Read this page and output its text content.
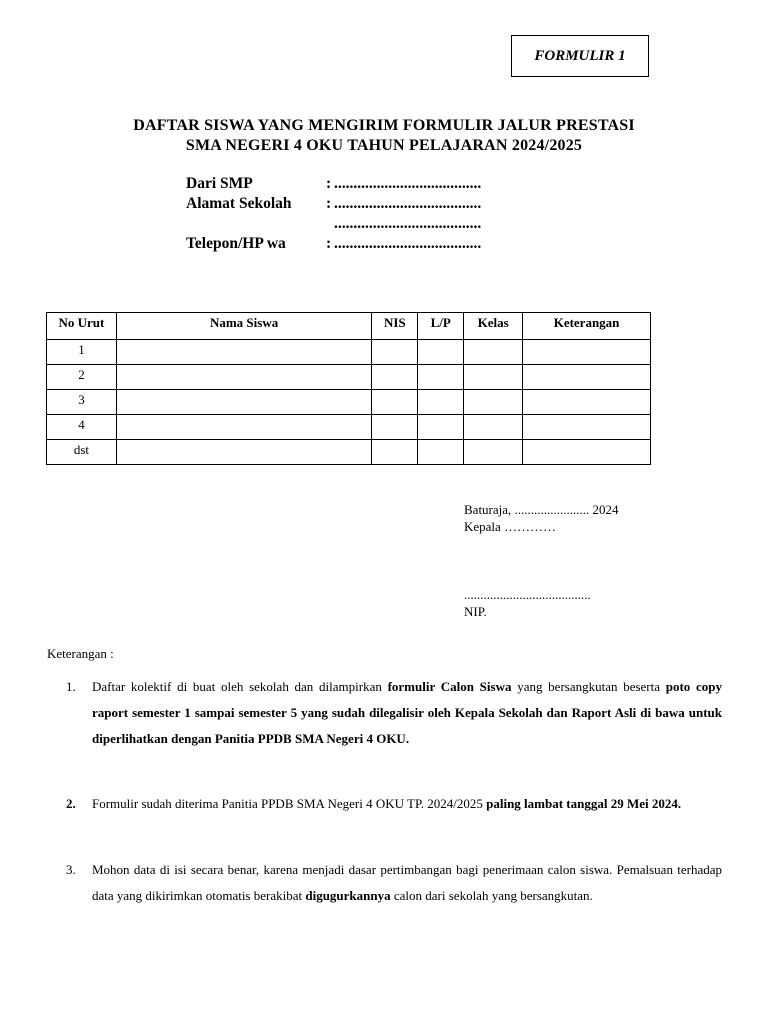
FORMULIR 1
DAFTAR SISWA YANG MENGIRIM FORMULIR JALUR PRESTASI
SMA NEGERI 4 OKU TAHUN PELAJARAN 2024/2025
Dari SMP	: ......................................
Alamat Sekolah	: ......................................
......................................
Telepon/HP wa	: ......................................
No Urut	Nama Siswa	NIS	L/P	Kelas	Keterangan
1					
2					
3					
4					
dst					
Baturaja, ....................... 2024
Kepala …………
.......................................
NIP.
Keterangan :
1.	Daftar kolektif di buat oleh sekolah dan dilampirkan formulir Calon Siswa yang bersangkutan beserta poto copy raport semester 1 sampai semester 5 yang sudah dilegalisir oleh Kepala Sekolah dan Raport Asli di bawa untuk diperlihatkan dengan Panitia PPDB SMA Negeri 4 OKU.
2.	Formulir sudah diterima Panitia PPDB SMA Negeri 4 OKU TP. 2024/2025 paling lambat tanggal 29 Mei 2024.
3.	Mohon data di isi secara benar, karena menjadi dasar pertimbangan bagi penerimaan calon siswa. Pemalsuan terhadap data yang dikirimkan otomatis berakibat digugurkannya calon dari sekolah yang bersangkutan.
